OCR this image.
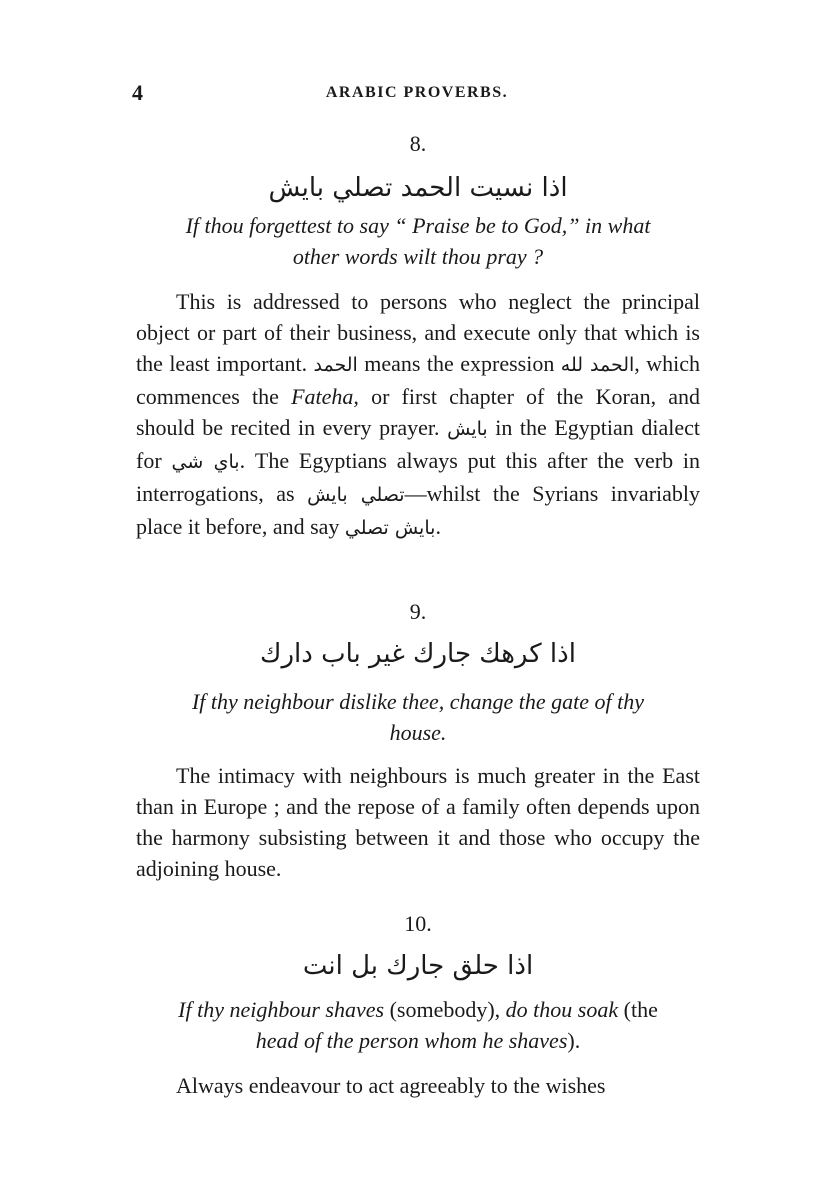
4	ARABIC PROVERBS.
8.
اذا نسيت الحمد تصلي بايش
If thou forgettest to say “ Praise be to God,” in what
other words wilt thou pray ?
This is addressed to persons who neglect the principal object or part of their business, and execute only that which is the least important. الحمد means the expression الحمد لله, which commences the Fateha, or first chapter of the Koran, and should be recited in every prayer. بايش in the Egyptian dialect for باي شي. The Egyptians always put this after the verb in interrogations, as تصلي بايش—whilst the Syrians invariably place it before, and say بايش تصلي.
9.
اذا كرهك جارك غير باب دارك
If thy neighbour dislike thee, change the gate of thy
house.
The intimacy with neighbours is much greater in the East than in Europe ; and the repose of a family often depends upon the harmony subsisting between it and those who occupy the adjoining house.
10.
اذا حلق جارك بل انت
If thy neighbour shaves (somebody), do thou soak (the
head of the person whom he shaves).
Always endeavour to act agreeably to the wishes
